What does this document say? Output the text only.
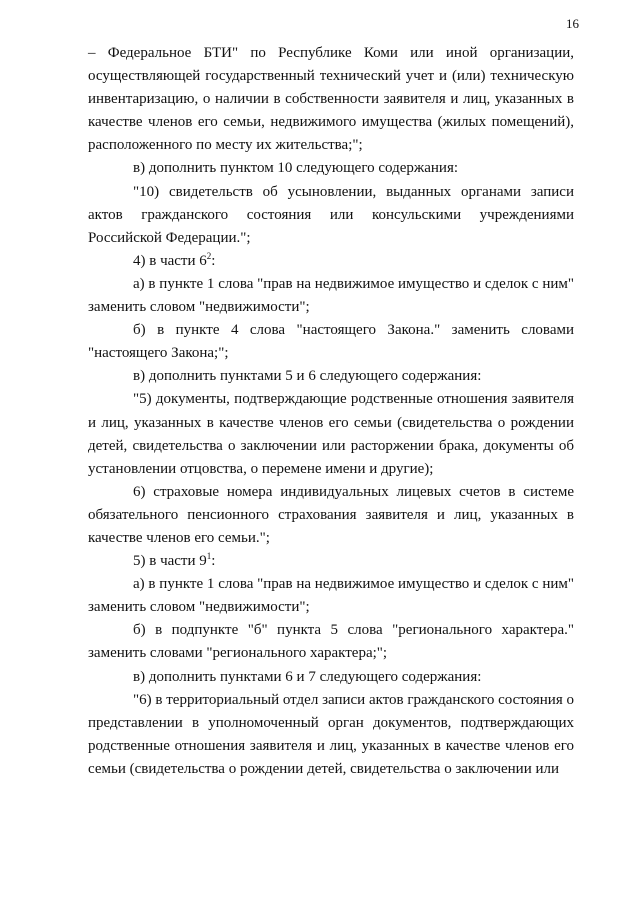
16

– Федеральное БТИ" по Республике Коми или иной организации, осуществляющей государственный технический учет и (или) техническую инвентаризацию, о наличии в собственности заявителя и лиц, указанных в качестве членов его семьи, недвижимого имущества (жилых помещений), расположенного по месту их жительства;";

в) дополнить пунктом 10 следующего содержания:

"10) свидетельств об усыновлении, выданных органами записи актов гражданского состояния или консульскими учреждениями Российской Федерации.";

4) в части $6^2$:

а) в пункте 1 слова "прав на недвижимое имущество и сделок с ним" заменить словом "недвижимости";

б) в пункте 4 слова "настоящего Закона." заменить словами "настоящего Закона;";

в) дополнить пунктами 5 и 6 следующего содержания:

"5) документы, подтверждающие родственные отношения заявителя и лиц, указанных в качестве членов его семьи (свидетельства о рождении детей, свидетельства о заключении или расторжении брака, документы об установлении отцовства, о перемене имени и другие);

6) страховые номера индивидуальных лицевых счетов в системе обязательного пенсионного страхования заявителя и лиц, указанных в качестве членов его семьи.";

5) в части $9^1$:

а) в пункте 1 слова "прав на недвижимое имущество и сделок с ним" заменить словом "недвижимости";

б) в подпункте "б" пункта 5 слова "регионального характера." заменить словами "регионального характера;";

в) дополнить пунктами 6 и 7 следующего содержания:

"6) в территориальный отдел записи актов гражданского состояния о представлении в уполномоченный орган документов, подтверждающих родственные отношения заявителя и лиц, указанных в качестве членов его семьи (свидетельства о рождении детей, свидетельства о заключении или
